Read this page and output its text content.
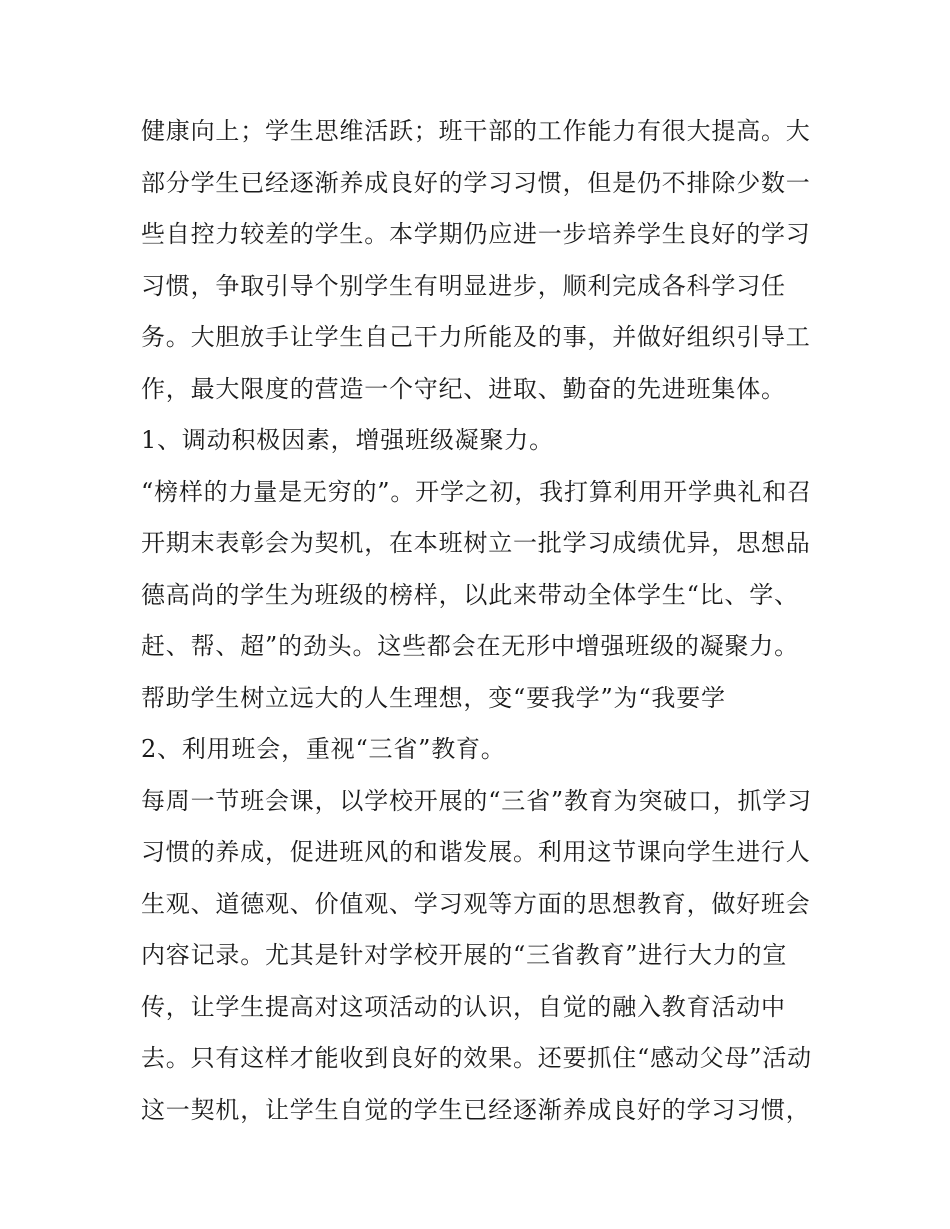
健康向上；学生思维活跃；班干部的工作能力有很大提高。大
部分学生已经逐渐养成良好的学习习惯，但是仍不排除少数一
些自控力较差的学生。本学期仍应进一步培养学生良好的学习
习惯，争取引导个别学生有明显进步，顺利完成各科学习任
务。大胆放手让学生自己干力所能及的事，并做好组织引导工
作，最大限度的营造一个守纪、进取、勤奋的先进班集体。
1、调动积极因素，增强班级凝聚力。
“榜样的力量是无穷的”。开学之初，我打算利用开学典礼和召
开期末表彰会为契机，在本班树立一批学习成绩优异，思想品
德高尚的学生为班级的榜样，以此来带动全体学生“比、学、
赶、帮、超”的劲头。这些都会在无形中增强班级的凝聚力。
帮助学生树立远大的人生理想，变“要我学”为“我要学
2、利用班会，重视“三省”教育。
每周一节班会课，以学校开展的“三省”教育为突破口，抓学习
习惯的养成，促进班风的和谐发展。利用这节课向学生进行人
生观、道德观、价值观、学习观等方面的思想教育，做好班会
内容记录。尤其是针对学校开展的“三省教育”进行大力的宣
传，让学生提高对这项活动的认识，自觉的融入教育活动中
去。只有这样才能收到良好的效果。还要抓住“感动父母”活动
这一契机，让学生自觉的学生已经逐渐养成良好的学习习惯，
